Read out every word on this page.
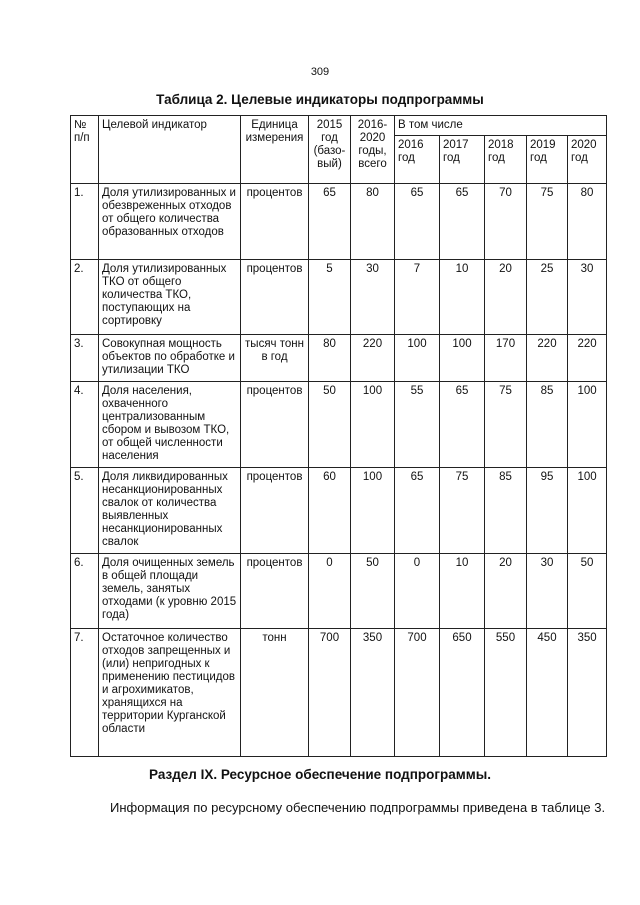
309
Таблица 2. Целевые индикаторы подпрограммы
№ п/п	Целевой индикатор	Единица измерения	2015 год (базо-вый)	2016-2020 годы, всего	В том числе				
					2016 год	2017 год	2018 год	2019 год	2020 год
1.	Доля утилизированных и обезвреженных отходов от общего количества образованных отходов	процентов	65	80	65	65	70	75	80
2.	Доля утилизированных ТКО от общего количества ТКО, поступающих на сортировку	процентов	5	30	7	10	20	25	30
3.	Совокупная мощность объектов по обработке и утилизации ТКО	тысяч тонн в год	80	220	100	100	170	220	220
4.	Доля населения, охваченного централизованным сбором и вывозом ТКО, от общей численности населения	процентов	50	100	55	65	75	85	100
5.	Доля ликвидированных несанкционированных свалок от количества выявленных несанкционированных свалок	процентов	60	100	65	75	85	95	100
6.	Доля очищенных земель в общей площади земель, занятых отходами (к уровню 2015 года)	процентов	0	50	0	10	20	30	50
7.	Остаточное количество отходов запрещенных и (или) непригодных к применению пестицидов и агрохимикатов, хранящихся на территории Курганской области	тонн	700	350	700	650	550	450	350
Раздел IX. Ресурсное обеспечение подпрограммы.
Информация по ресурсному обеспечению подпрограммы приведена в таблице 3.
